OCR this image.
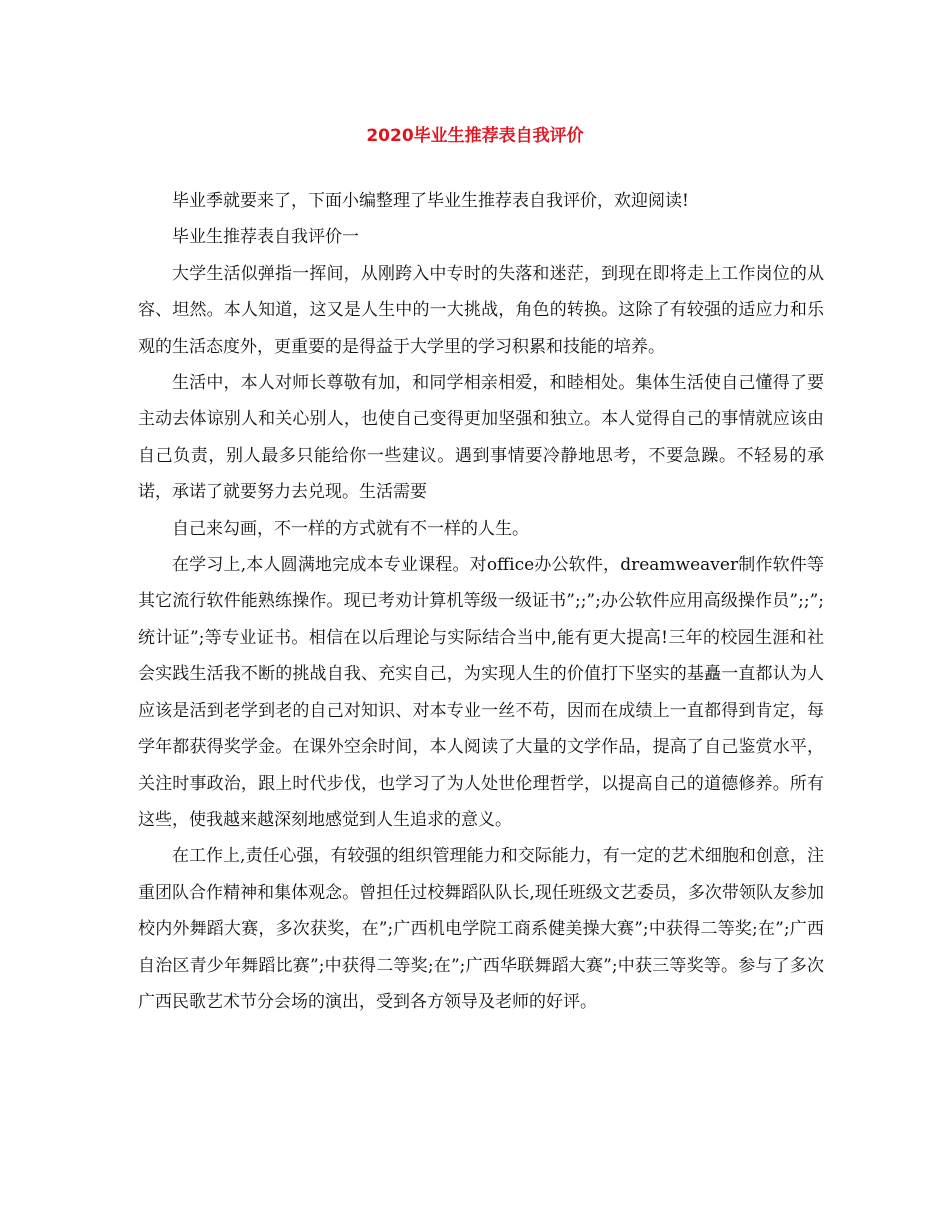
2020毕业生推荐表自我评价

毕业季就要来了，下面小编整理了毕业生推荐表自我评价，欢迎阅读!

毕业生推荐表自我评价一

大学生活似弹指一挥间，从刚跨入中专时的失落和迷茫，到现在即将走上工作岗位的从容、坦然。本人知道，这又是人生中的一大挑战，角色的转换。这除了有较强的适应力和乐观的生活态度外，更重要的是得益于大学里的学习积累和技能的培养。

生活中，本人对师长尊敬有加，和同学相亲相爱，和睦相处。集体生活使自己懂得了要主动去体谅别人和关心别人，也使自己变得更加坚强和独立。本人觉得自己的事情就应该由自己负责，别人最多只能给你一些建议。遇到事情要冷静地思考，不要急躁。不轻易的承诺，承诺了就要努力去兑现。生活需要

自己来勾画，不一样的方式就有不一样的人生。

在学习上,本人圆满地完成本专业课程。对office办公软件，dreamweaver制作软件等其它流行软件能熟练操作。现已考劝计算机等级一级证书”;;”;办公软件应用高级操作员”;;”;统计证”;等专业证书。相信在以后理论与实际结合当中,能有更大提高!三年的校园生涯和社会实践生活我不断的挑战自我、充实自己，为实现人生的价值打下坚实的基矗一直都认为人应该是活到老学到老的自己对知识、对本专业一丝不苟，因而在成绩上一直都得到肯定，每学年都获得奖学金。在课外空余时间，本人阅读了大量的文学作品，提高了自己鉴赏水平，关注时事政治，跟上时代步伐，也学习了为人处世伦理哲学，以提高自己的道德修养。所有这些，使我越来越深刻地感觉到人生追求的意义。

在工作上,责任心强，有较强的组织管理能力和交际能力，有一定的艺术细胞和创意，注重团队合作精神和集体观念。曾担任过校舞蹈队队长,现任班级文艺委员，多次带领队友参加校内外舞蹈大赛，多次获奖，在”;广西机电学院工商系健美操大赛”;中获得二等奖;在”;广西自治区青少年舞蹈比赛”;中获得二等奖;在”;广西华联舞蹈大赛”;中获三等奖等。参与了多次广西民歌艺术节分会场的演出，受到各方领导及老师的好评。
